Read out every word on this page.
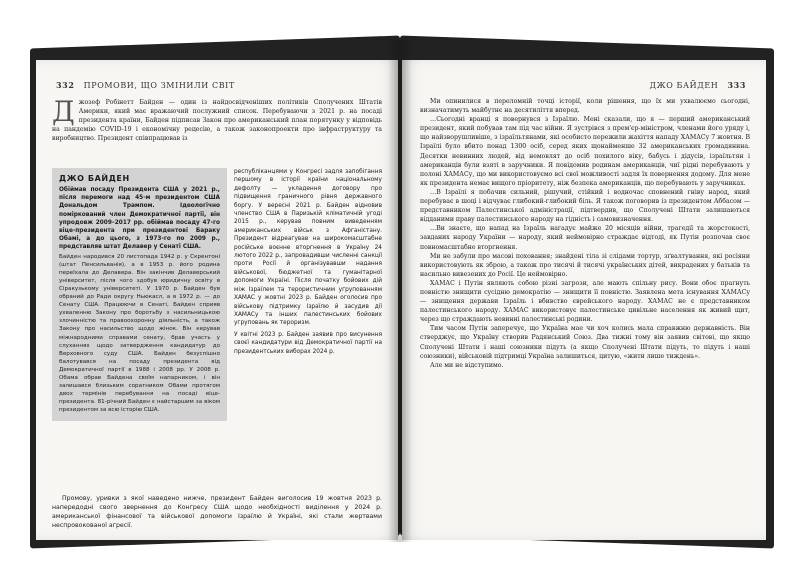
332 ПРОМОВИ, ЩО ЗМІНИЛИ СВІТ
Д жозеф Робінетт Байден — один із найдосвідченіших політиків Сполучених Штатів Америки, який має вражаючий послужний список. Перебуваючи з 2021 р. на посаді президента країни, Байден підписав Закон про американський план порятунку у відповідь на пандемію COVID-19 і економічну рецесію, а також законопроекти про інфраструктуру та виробництво. Президент співпрацював із
ДЖО БАЙДЕН
Обіймав посаду Президента США у 2021 р., після перемоги над 45-м президентом США Дональдом Трампом. Ідеологічно поміркований член Демократичної партії, він упродовж 2009–2017 рр. обіймав посаду 47-го віце-президента при президентові Бараку Обамі, а до цього, з 1973-го по 2009 р., представляв штат Делавер у Сенаті США.
Байден народився 20 листопада 1942 р. у Скрентоні (штат Пенсильванія), а в 1953 р. його родина переїхала до Делавера. Він закінчив Делаверський університет, після чого здобув юридичну освіту в Сіракузькому університеті. У 1970 р. Байден був обраний до Ради округу Ньюкасл, а в 1972 р. — до Сенату США. Працюючи в Сенаті, Байден сприяв ухваленню Закону про боротьбу з насильницькою злочинністю та правоохоронну діяльність, а також Закону про насильство щодо жінок. Він керував міжнародними справами сенату, брав участь у слуханнях щодо затвердження кандидатур до Верховного суду США. Байден безуспішно балотувався на посаду президента від Демократичної партії в 1988 і 2008 рр. У 2008 р. Обама обрав Байдена своїм напарником, і він залишався близьким соратником Обами протягом двох термінів перебування на посаді віце-президента. 81-річний Байден є найстаршим за віком президентом за всю історію США.

республіканцями у Конгресі задля запобігання першому в історії країни національному дефолту — укладення договору про підвищення граничного рівня державного боргу. У вересні 2021 р. Байден відновив членство США в Паризькій кліматичній угоді 2015 р., керував повним виведенням американських військ з Афганістану. Президент відреагував на широкомасштабне російське воєнне вторгнення в Україну 24 лютого 2022 р., запровадивши численні санкції проти Росії й організувавши надання військової, бюджетної та гуманітарної допомоги Україні. Після початку бойових дій між Ізраїлем та терористичним угрупованням ХАМАС у жовтні 2023 р. Байден оголосив про військову підтримку Ізраїлю й засудив дії ХАМАСу та інших палестинських бойових угруповань як тероризм.

У квітні 2023 р. Байден заявив про висунення своєї кандидатури від Демократичної партії на президентських виборах 2024 р.

Промову, уривки з якої наведено нижче, президент Байден виголосив 19 жовтня 2023 р. напередодні свого звернення до Конгресу США щодо необхідності виділення у 2024 р. американської фінансової та військової допомоги Ізраїлю й Україні, які стали жертвами неспровокованої агресії.
ДЖО БАЙДЕН 333

Ми опинилися в переломній точці історії, коли рішення, що їх ми ухвалюємо сьогодні, визначатимуть майбутнє на десятиліття вперед.

…Сьогодні вранці я повернувся з Ізраїлю. Мені сказали, що я — перший американський президент, який побував там під час війни. Я зустрівся з прем'єр-міністром, членами його уряду і, що найзворушливіше, з ізраїльтянами, які особисто пережили жахіття нападу ХАМАСу 7 жовтня. В Ізраїлі було вбито понад 1300 осіб, серед яких щонайменше 32 американських громадянина. Десятки невинних людей, від немовлят до осіб похилого віку, бабусь і дідусів, ізраїльтян і американців були взяті в заручники. Я повідомив родинам американців, чиї рідні перебувають у полоні ХАМАСу, що ми використовуємо всі свої можливості задля їх повернення додому. Для мене як президента немає вищого пріоритету, ніж безпека американців, що перебувають у заручниках.

…В Ізраїлі я побачив сильний, рішучий, стійкий і водночас сповнений гніву народ, який перебуває в шоці і відчуває глибокий-глибокий біль. Я також поговорив із президентом Аббасом — представником Палестинської адміністрації, підтвердив, що Сполучені Штати залишаються відданими праву палестинського народу на гідність і самовизначення.

…Ви знаєте, що напад на Ізраїль нагадує майже 20 місяців війни, трагедії та жорстокості, завданих народу України — народу, який неймовірно страждає відтоді, як Путін розпочав своє повномасштабне вторгнення.

Ми не забули про масові поховання; знайдені тіла зі слідами тортур, зґвалтування, які росіяни використовують як зброю, а також про тисячі й тисячі українських дітей, викрадених у батьків та насильно вивезених до Росії. Це неймовірно.

ХАМАС і Путін являють собою різні загрози, але мають спільну рису. Вони обоє прагнуть повністю знищити сусідню демократію — знищити її повністю. Заявлена мета існування ХАМАСу — знищення держави Ізраїль і вбивство єврейського народу. ХАМАС не є представником палестинського народу. ХАМАС використовує палестинське цивільне населення як живий щит, через що страждають невинні палестинські родини.

Тим часом Путін заперечує, що Україна мае чи хоч колись мала справжню державність. Він стверджує, що Україну створив Радянський Союз. Два тижні тому він заявив світові, що якщо Сполучені Штати і наші союзники підуть (а якщо Сполучені Штати підуть, то підуть і наші союзники), військовій підтримці Україна залишиться, цитую, «жити лише тиждень».

Але ми не відступимо.
